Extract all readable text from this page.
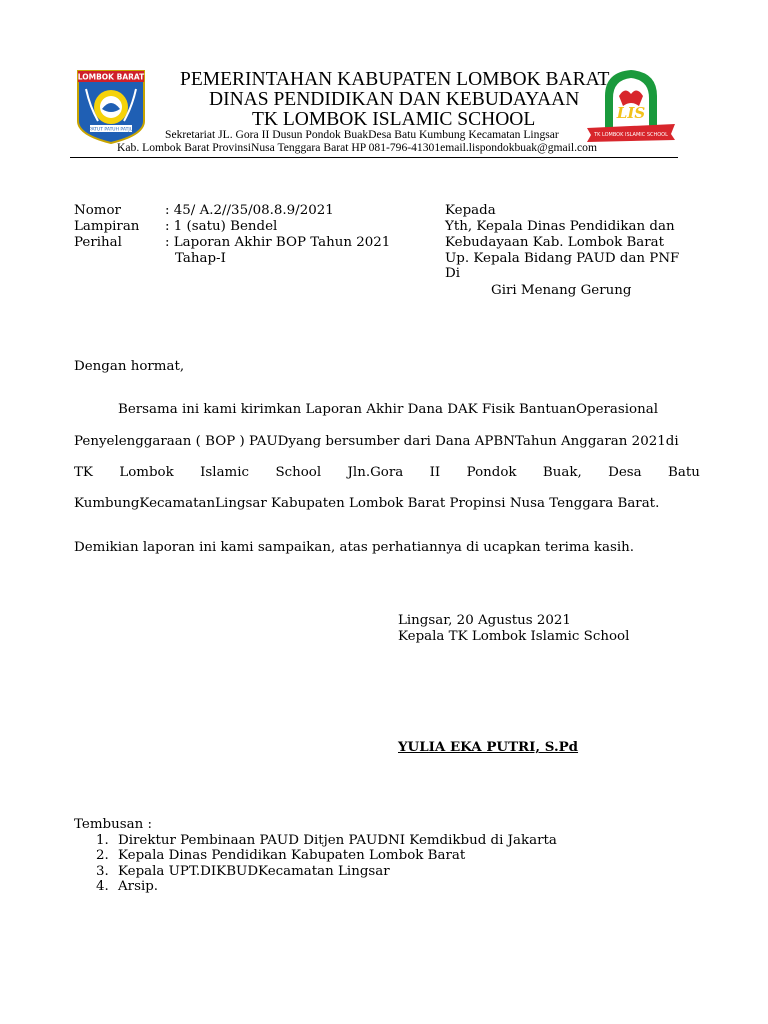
LOMBOK BARAT
PATUT PATUH PATJU
LIS
TK LOMBOK ISLAMIC SCHOOL
PEMERINTAHAN KABUPATEN LOMBOK BARAT
DINAS PENDIDIKAN DAN KEBUDAYAAN
TK LOMBOK ISLAMIC SCHOOL
Sekretariat JL. Gora II Dusun Pondok BuakDesa Batu Kumbung Kecamatan Lingsar
Kab. Lombok Barat ProvinsiNusa Tenggara Barat HP 081-796-41301email.lispondokbuak@gmail.com
Nomor	: 45/ A.2//35/08.8.9/2021
Lampiran : 1 (satu) Bendel
Perihal	: Laporan Akhir BOP Tahun 2021
Tahap-I
Kepada
Yth, Kepala Dinas Pendidikan dan
Kebudayaan Kab. Lombok Barat
Up. Kepala Bidang PAUD dan PNF
Di
Giri Menang Gerung
Dengan hormat,
Bersama ini kami kirimkan Laporan Akhir Dana DAK Fisik BantuanOperasional
Penyelenggaraan ( BOP ) PAUDyang bersumber dari Dana APBNTahun Anggaran 2021di
TK Lombok Islamic School Jln.Gora II Pondok Buak, Desa Batu
KumbungKecamatanLingsar Kabupaten Lombok Barat Propinsi Nusa Tenggara Barat.
Demikian laporan ini kami sampaikan, atas perhatiannya di ucapkan terima kasih.
Lingsar, 20 Agustus 2021
Kepala TK Lombok Islamic School
YULIA EKA PUTRI, S.Pd
Tembusan :
1. Direktur Pembinaan PAUD Ditjen PAUDNI Kemdikbud di Jakarta
2. Kepala Dinas Pendidikan Kabupaten Lombok Barat
3. Kepala UPT.DIKBUDKecamatan Lingsar
4. Arsip.
